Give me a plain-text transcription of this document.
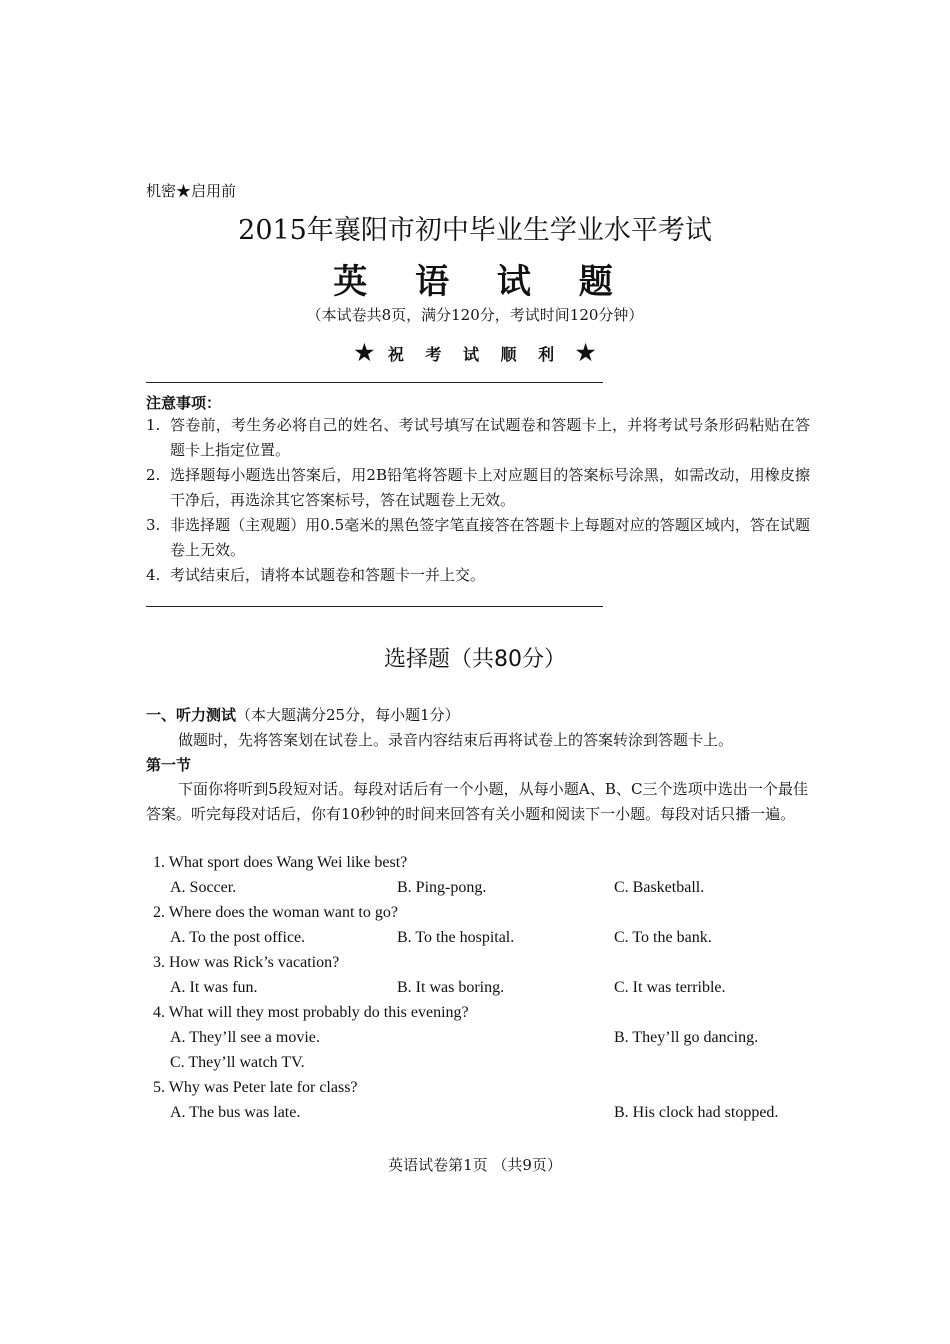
机密★启用前
2015年襄阳市初中毕业生学业水平考试
英 语 试 题
（本试卷共8页，满分120分，考试时间120分钟）
★ 祝 考 试 顺 利 ★
注意事项：
1. 答卷前，考生务必将自己的姓名、考试号填写在试题卷和答题卡上，并将考试号条形码粘贴在答题卡上指定位置。
2. 选择题每小题选出答案后，用2B铅笔将答题卡上对应题目的答案标号涂黑，如需改动，用橡皮擦干净后，再选涂其它答案标号，答在试题卷上无效。
3. 非选择题（主观题）用0.5毫米的黑色签字笔直接答在答题卡上每题对应的答题区域内，答在试题卷上无效。
4. 考试结束后，请将本试题卷和答题卡一并上交。
选择题（共80分）
一、听力测试（本大题满分25分，每小题1分）
做题时，先将答案划在试卷上。录音内容结束后再将试卷上的答案转涂到答题卡上。
第一节
下面你将听到5段短对话。每段对话后有一个小题，从每小题A、B、C三个选项中选出一个最佳答案。听完每段对话后，你有10秒钟的时间来回答有关小题和阅读下一小题。每段对话只播一遍。
1. What sport does Wang Wei like best?
A. Soccer.	B. Ping-pong.	C. Basketball.
2. Where does the woman want to go?
A. To the post office.	B. To the hospital.	C. To the bank.
3. How was Rick’s vacation?
A. It was fun.	B. It was boring.	C. It was terrible.
4. What will they most probably do this evening?
A. They’ll see a movie.	B. They’ll go dancing.
C. They’ll watch TV.
5. Why was Peter late for class?
A. The bus was late.	B. His clock had stopped.
英语试卷第1页 （共9页）
